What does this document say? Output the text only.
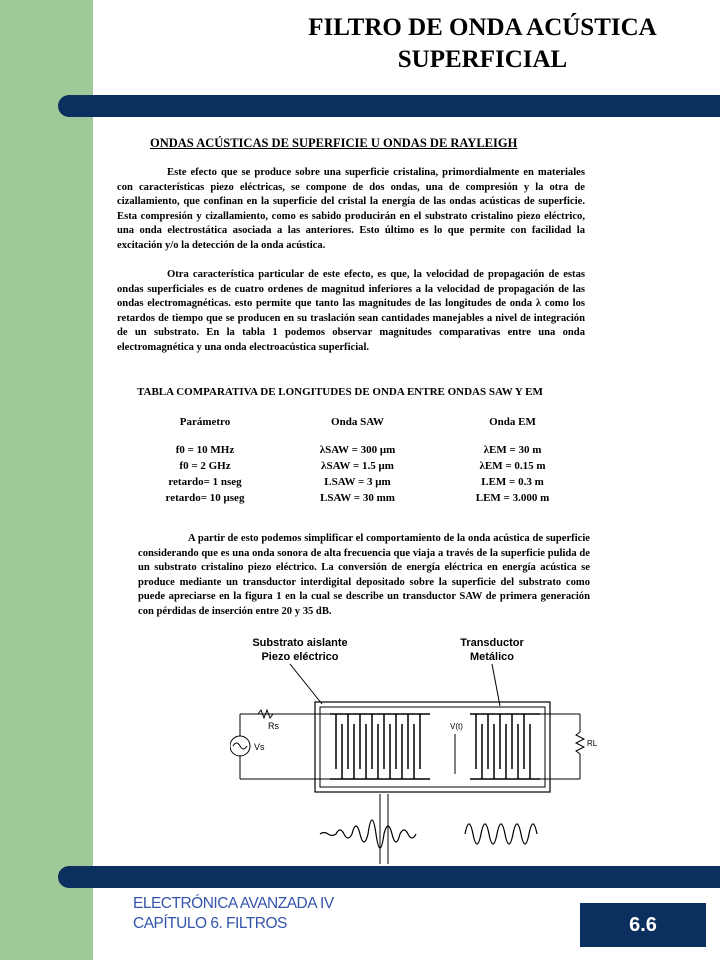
FILTRO DE ONDA ACÚSTICA
SUPERFICIAL
ONDAS ACÚSTICAS DE SUPERFICIE U ONDAS DE RAYLEIGH

Este efecto que se produce sobre una superficie cristalina, primordialmente en materiales con características piezo eléctricas, se compone de dos ondas, una de compresión y la otra de cizallamiento, que confinan en la superficie del cristal la energía de las ondas acústicas de superficie. Esta compresión y cizallamiento, como es sabido producirán en el substrato cristalino piezo eléctrico, una onda electrostática asociada a las anteriores. Esto último es lo que permite con facilidad la excitación y/o la detección de la onda acústica.

Otra característica particular de este efecto, es que, la velocidad de propagación de estas ondas superficiales es de cuatro ordenes de magnitud inferiores a la velocidad de propagación de las ondas electromagnéticas. esto permite que tanto las magnitudes de las longitudes de onda λ como los retardos de tiempo que se producen en su traslación sean cantidades manejables a nivel de integración de un substrato. En la tabla 1 podemos observar magnitudes comparativas entre una onda electromagnética y una onda electroacústica superficial.

TABLA COMPARATIVA DE LONGITUDES DE ONDA ENTRE ONDAS SAW Y EM
Parámetro
f0 = 10 MHz
f0 = 2 GHz
retardo= 1 nseg
retardo= 10 μseg
Onda SAW
λSAW = 300 μm
λSAW = 1.5 μm
LSAW = 3 μm
LSAW = 30 mm
Onda EM
λEM = 30 m
λEM = 0.15 m
LEM = 0.3 m
LEM = 3.000 m

A partir de esto podemos simplificar el comportamiento de la onda acústica de superficie considerando que es una onda sonora de alta frecuencia que viaja a través de la superficie pulida de un substrato cristalino piezo eléctrico. La conversión de energía eléctrica en energía acústica se produce mediante un transductor interdigital depositado sobre la superficie del substrato como puede apreciarse en la figura 1 en la cual se describe un transductor SAW de primera generación con pérdidas de inserción entre 20 y 35 dB.

Substrato aislante
Piezo eléctrico
Transductor
Metálico
Rs
Vs	RL
V(t)
ELECTRÓNICA AVANZADA IV
CAPÍTULO 6. FILTROS	6.6
